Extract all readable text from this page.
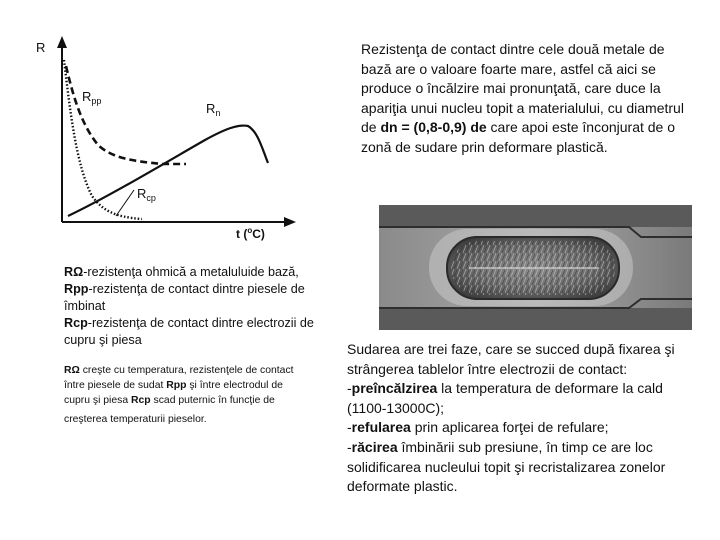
R
$R_{pp}$	$R_n$
$R_{cp}$
t ($^o$C)
RΩ-rezistenţa ohmică a metaluluide bază,
Rpp-rezistenţa de contact dintre piesele de îmbinat
Rcp-rezistenţa de contact dintre electrozii de cupru şi piesa

RΩ creşte cu temperatura, rezistenţele de contact între piesele de sudat Rpp şi între electrodul de cupru şi piesa Rcp scad puternic în funcţie de

creşterea temperaturii pieselor.

Rezistenţa de contact dintre cele două metale de bază are o valoare foarte mare, astfel că aici se produce o încălzire mai pronunţată, care duce la apariţia unui nucleu topit a materialului, cu diametrul de dn = (0,8-0,9) de care apoi este înconjurat de o zonă de sudare prin deformare plastică.
Sudarea are trei faze, care se succed după fixarea şi strângerea tablelor între electrozii de contact:
-preîncălzirea la temperatura de deformare la cald (1100-13000C);
-refularea prin aplicarea forţei de refulare;
-răcirea îmbinării sub presiune, în timp ce are loc solidificarea nucleului topit şi recristalizarea zonelor deformate plastic.
